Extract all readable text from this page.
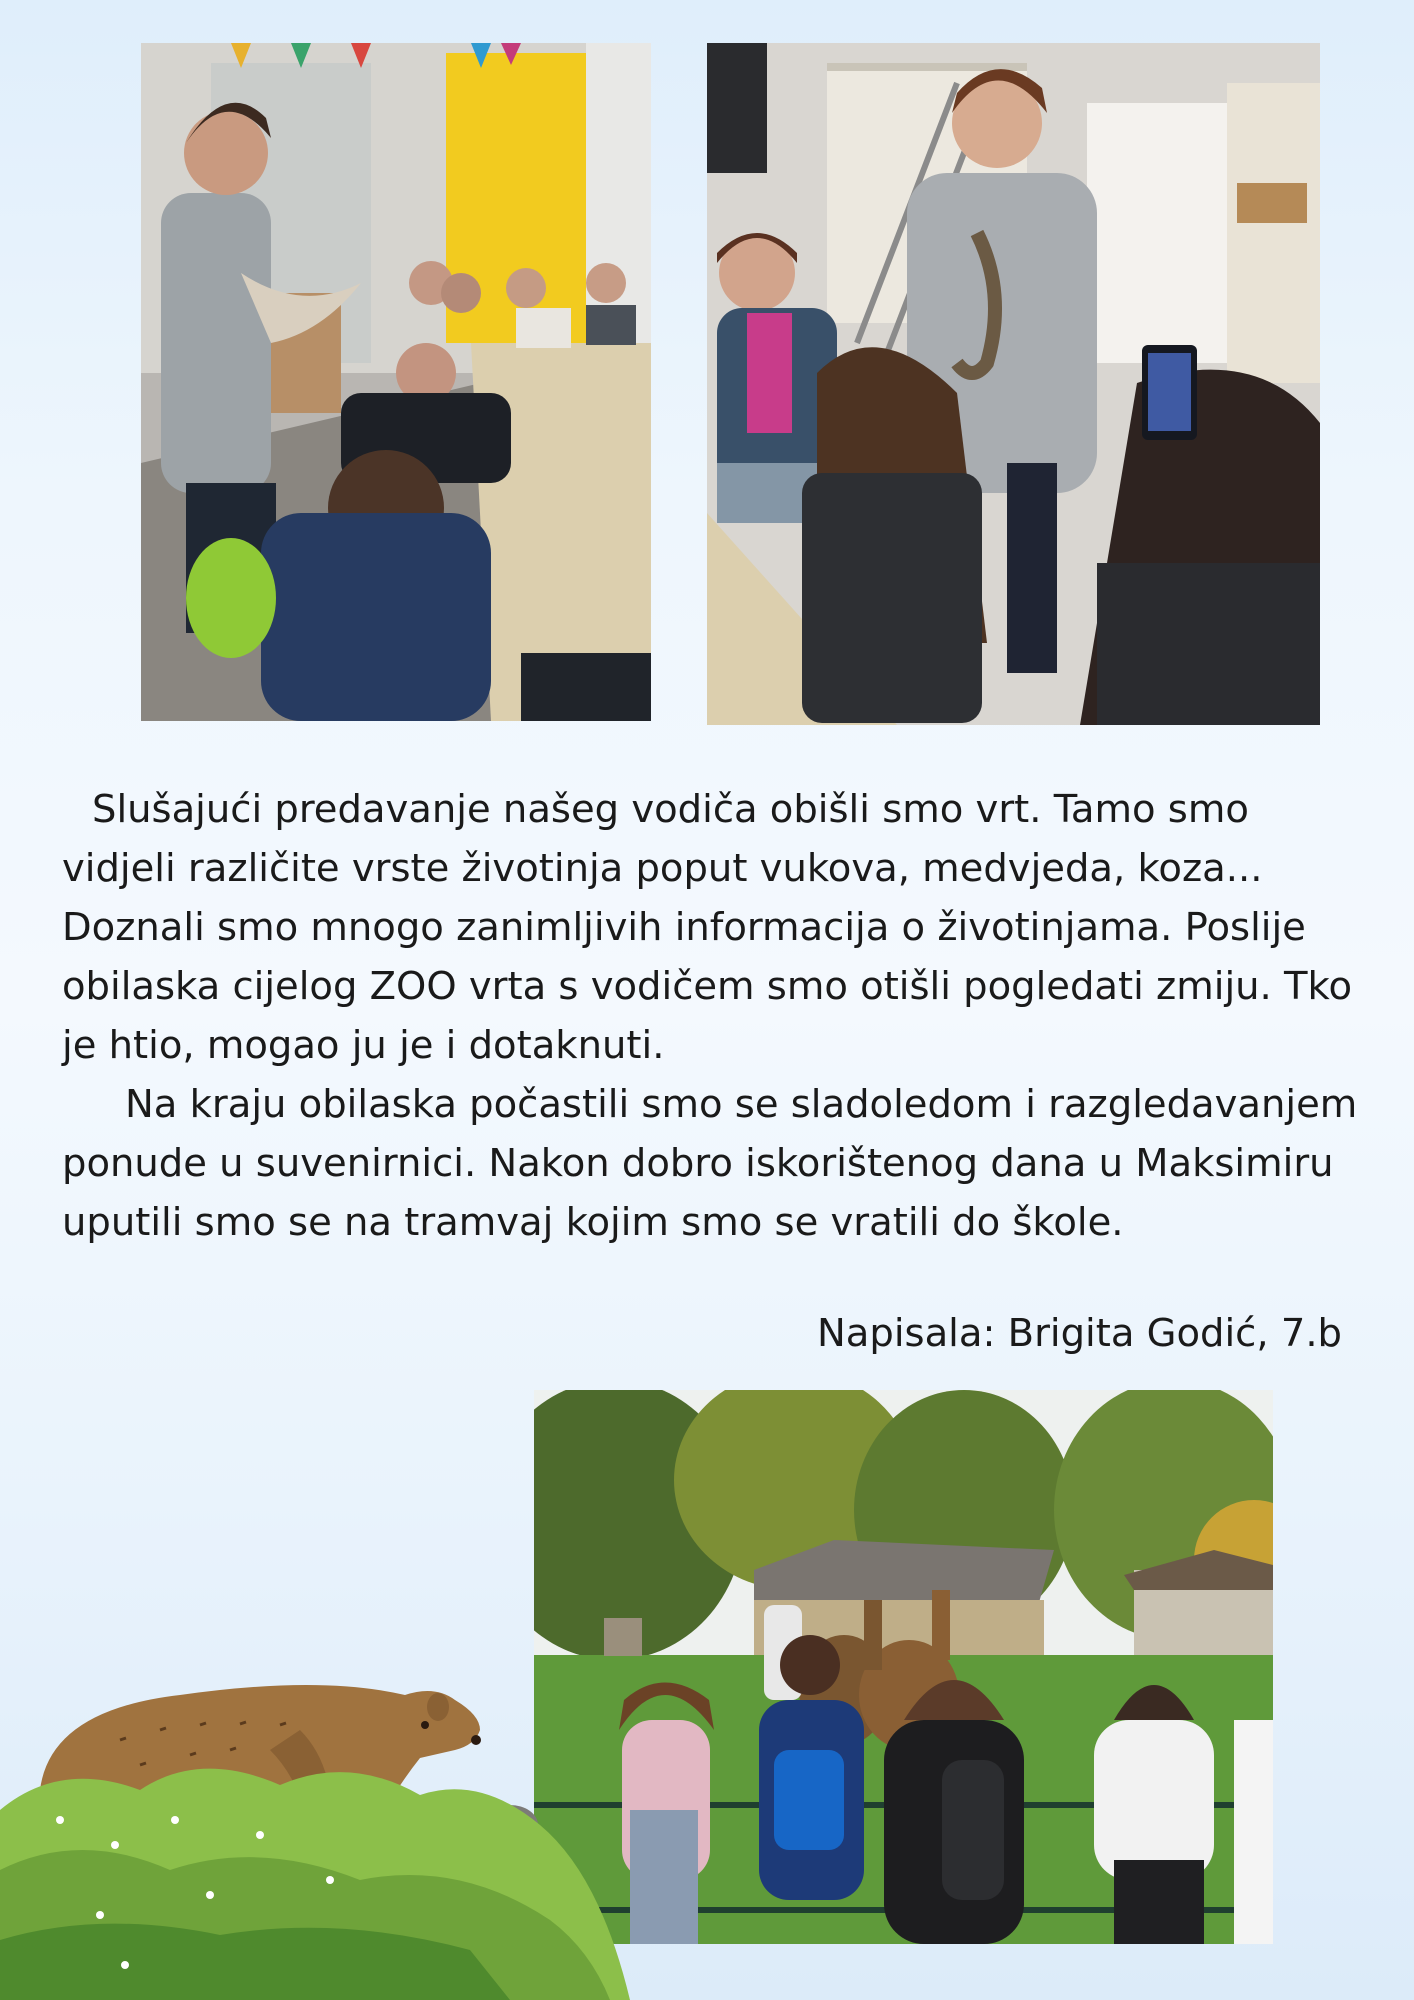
Slušajući predavanje našeg vodiča obišli smo vrt. Tamo smo vidjeli različite vrste životinja poput vukova, medvjeda, koza... Doznali smo mnogo zanimljivih informacija o životinjama. Poslije obilaska cijelog ZOO vrta s vodičem smo otišli pogledati zmiju. Tko je htio, mogao ju je i dotaknuti.

Na kraju obilaska počastili smo se sladoledom i razgledavanjem ponude u suvenirnici. Nakon dobro iskorištenog dana u Maksimiru uputili smo se na tramvaj kojim smo se vratili do škole.

Napisala: Brigita Godić, 7.b
